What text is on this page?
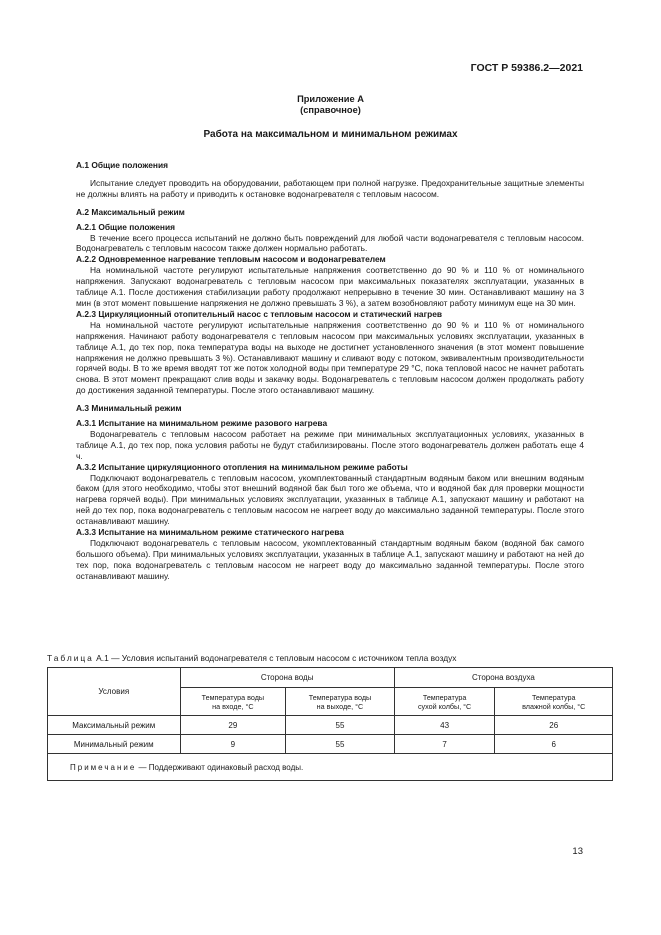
ГОСТ Р 59386.2—2021
Приложение А
(справочное)
Работа на максимальном и минимальном режимах
А.1 Общие положения
Испытание следует проводить на оборудовании, работающем при полной нагрузке. Предохранительные защитные элементы не должны влиять на работу и приводить к остановке водонагревателя с тепловым насосом.
А.2 Максимальный режим
А.2.1 Общие положения
В течение всего процесса испытаний не должно быть повреждений для любой части водонагревателя с тепловым насосом. Водонагреватель с тепловым насосом также должен нормально работать.
А.2.2 Одновременное нагревание тепловым насосом и водонагревателем
На номинальной частоте регулируют испытательные напряжения соответственно до 90 % и 110 % от номинального напряжения. Запускают водонагреватель с тепловым насосом при максимальных показателях эксплуатации, указанных в таблице А.1. После достижения стабилизации работу продолжают непрерывно в течение 30 мин. Останавливают машину на 3 мин (в этот момент повышение напряжения не должно превышать 3 %), а затем возобновляют работу минимум еще на 30 мин.
А.2.3 Циркуляционный отопительный насос с тепловым насосом и статический нагрев
На номинальной частоте регулируют испытательные напряжения соответственно до 90 % и 110 % от номинального напряжения. Начинают работу водонагревателя с тепловым насосом при максимальных условиях эксплуатации, указанных в таблице А.1, до тех пор, пока температура воды на выходе не достигнет установленного значения (в этот момент повышение напряжения не должно превышать 3 %). Останавливают машину и сливают воду с потоком, эквивалентным производительности горячей воды. В то же время вводят тот же поток холодной воды при температуре 29 °С, пока тепловой насос не начнет работать снова. В этот момент прекращают слив воды и закачку воды. Водонагреватель с тепловым насосом должен продолжать работу до достижения заданной температуры. После этого останавливают машину.
А.3 Минимальный режим
А.3.1 Испытание на минимальном режиме разового нагрева
Водонагреватель с тепловым насосом работает на режиме при минимальных эксплуатационных условиях, указанных в таблице А.1, до тех пор, пока условия работы не будут стабилизированы. После этого водонагреватель должен работать еще 4 ч.
А.3.2 Испытание циркуляционного отопления на минимальном режиме работы
Подключают водонагреватель с тепловым насосом, укомплектованный стандартным водяным баком или внешним водяным баком (для этого необходимо, чтобы этот внешний водяной бак был того же объема, что и водяной бак для проверки мощности нагрева горячей воды). При минимальных условиях эксплуатации, указанных в таблице А.1, запускают машину и работают на ней до тех пор, пока водонагреватель с тепловым насосом не нагреет воду до максимально заданной температуры. После этого останавливают машину.
А.3.3 Испытание на минимальном режиме статического нагрева
Подключают водонагреватель с тепловым насосом, укомплектованный стандартным водяным баком (водяной бак самого большого объема). При минимальных условиях эксплуатации, указанных в таблице А.1, запускают машину и работают на ней до тех пор, пока водонагреватель с тепловым насосом не нагреет воду до максимально заданной температуры. После этого останавливают машину.
Таблица А.1 — Условия испытаний водонагревателя с тепловым насосом с источником тепла воздух
Условия	Сторона воды		Сторона воздуха	
	Температура воды
на входе, °С	Температура воды
на выходе, °С	Температура
сухой колбы, °С	Температура
влажной колбы, °С
Максимальный режим	29	55	43	26
Минимальный режим	9	55	7	6
Примечание — Поддерживают одинаковый расход воды.				
13
